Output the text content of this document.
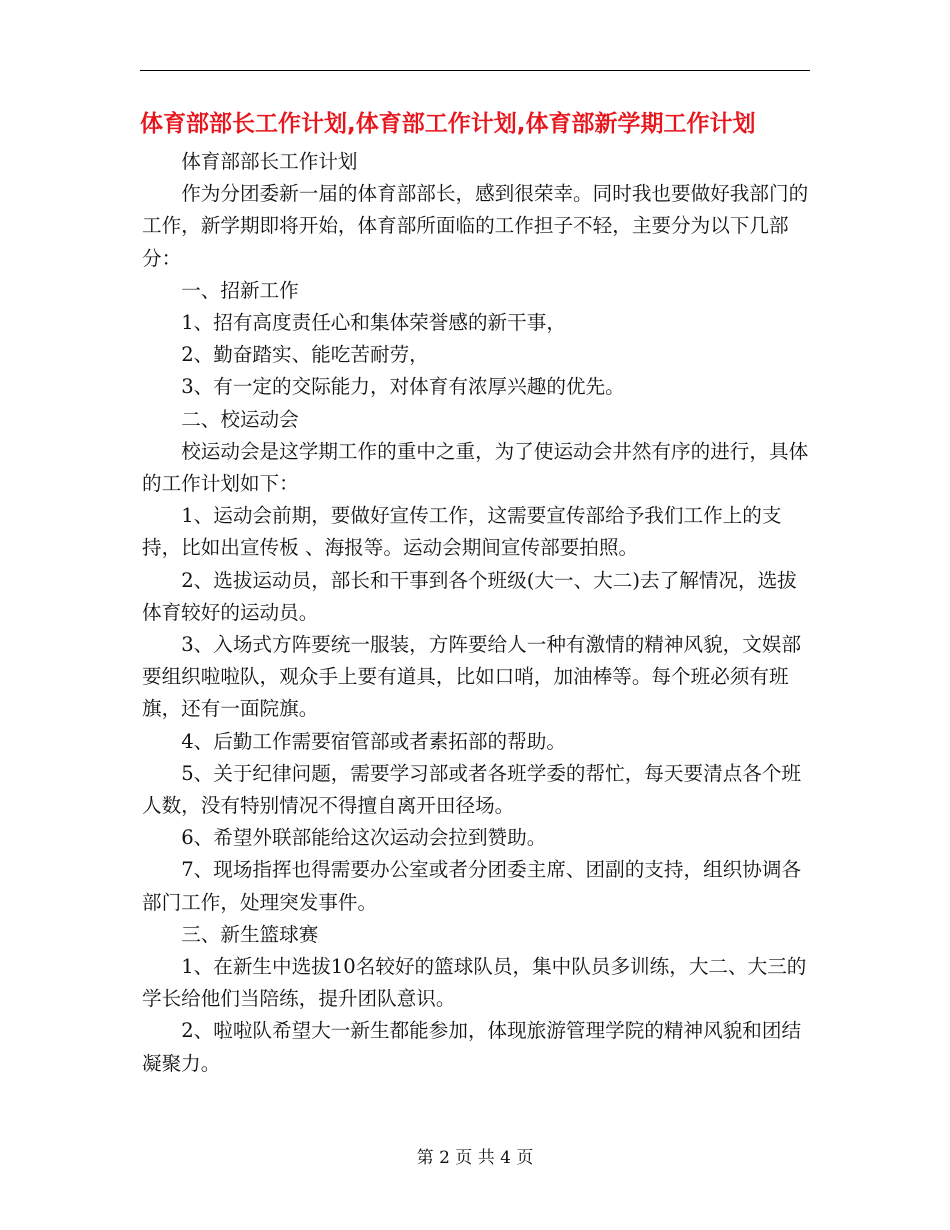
体育部部长工作计划,体育部工作计划,体育部新学期工作计划

体育部部长工作计划

作为分团委新一届的体育部部长，感到很荣幸。同时我也要做好我部门的工作，新学期即将开始，体育部所面临的工作担子不轻，主要分为以下几部分：

一、招新工作

1、招有高度责任心和集体荣誉感的新干事，

2、勤奋踏实、能吃苦耐劳，

3、有一定的交际能力，对体育有浓厚兴趣的优先。

二、校运动会

校运动会是这学期工作的重中之重，为了使运动会井然有序的进行，具体的工作计划如下：

1、运动会前期，要做好宣传工作，这需要宣传部给予我们工作上的支持，比如出宣传板 、海报等。运动会期间宣传部要拍照。

2、选拔运动员，部长和干事到各个班级(大一、大二)去了解情况，选拔体育较好的运动员。

3、入场式方阵要统一服装，方阵要给人一种有激情的精神风貌，文娱部要组织啦啦队，观众手上要有道具，比如口哨，加油棒等。每个班必须有班旗，还有一面院旗。

4、后勤工作需要宿管部或者素拓部的帮助。

5、关于纪律问题，需要学习部或者各班学委的帮忙，每天要清点各个班人数，没有特别情况不得擅自离开田径场。

6、希望外联部能给这次运动会拉到赞助。

7、现场指挥也得需要办公室或者分团委主席、团副的支持，组织协调各部门工作，处理突发事件。

三、新生篮球赛

1、在新生中选拔10名较好的篮球队员，集中队员多训练，大二、大三的学长给他们当陪练，提升团队意识。

2、啦啦队希望大一新生都能参加，体现旅游管理学院的精神风貌和团结凝聚力。

第 2 页 共 4 页
